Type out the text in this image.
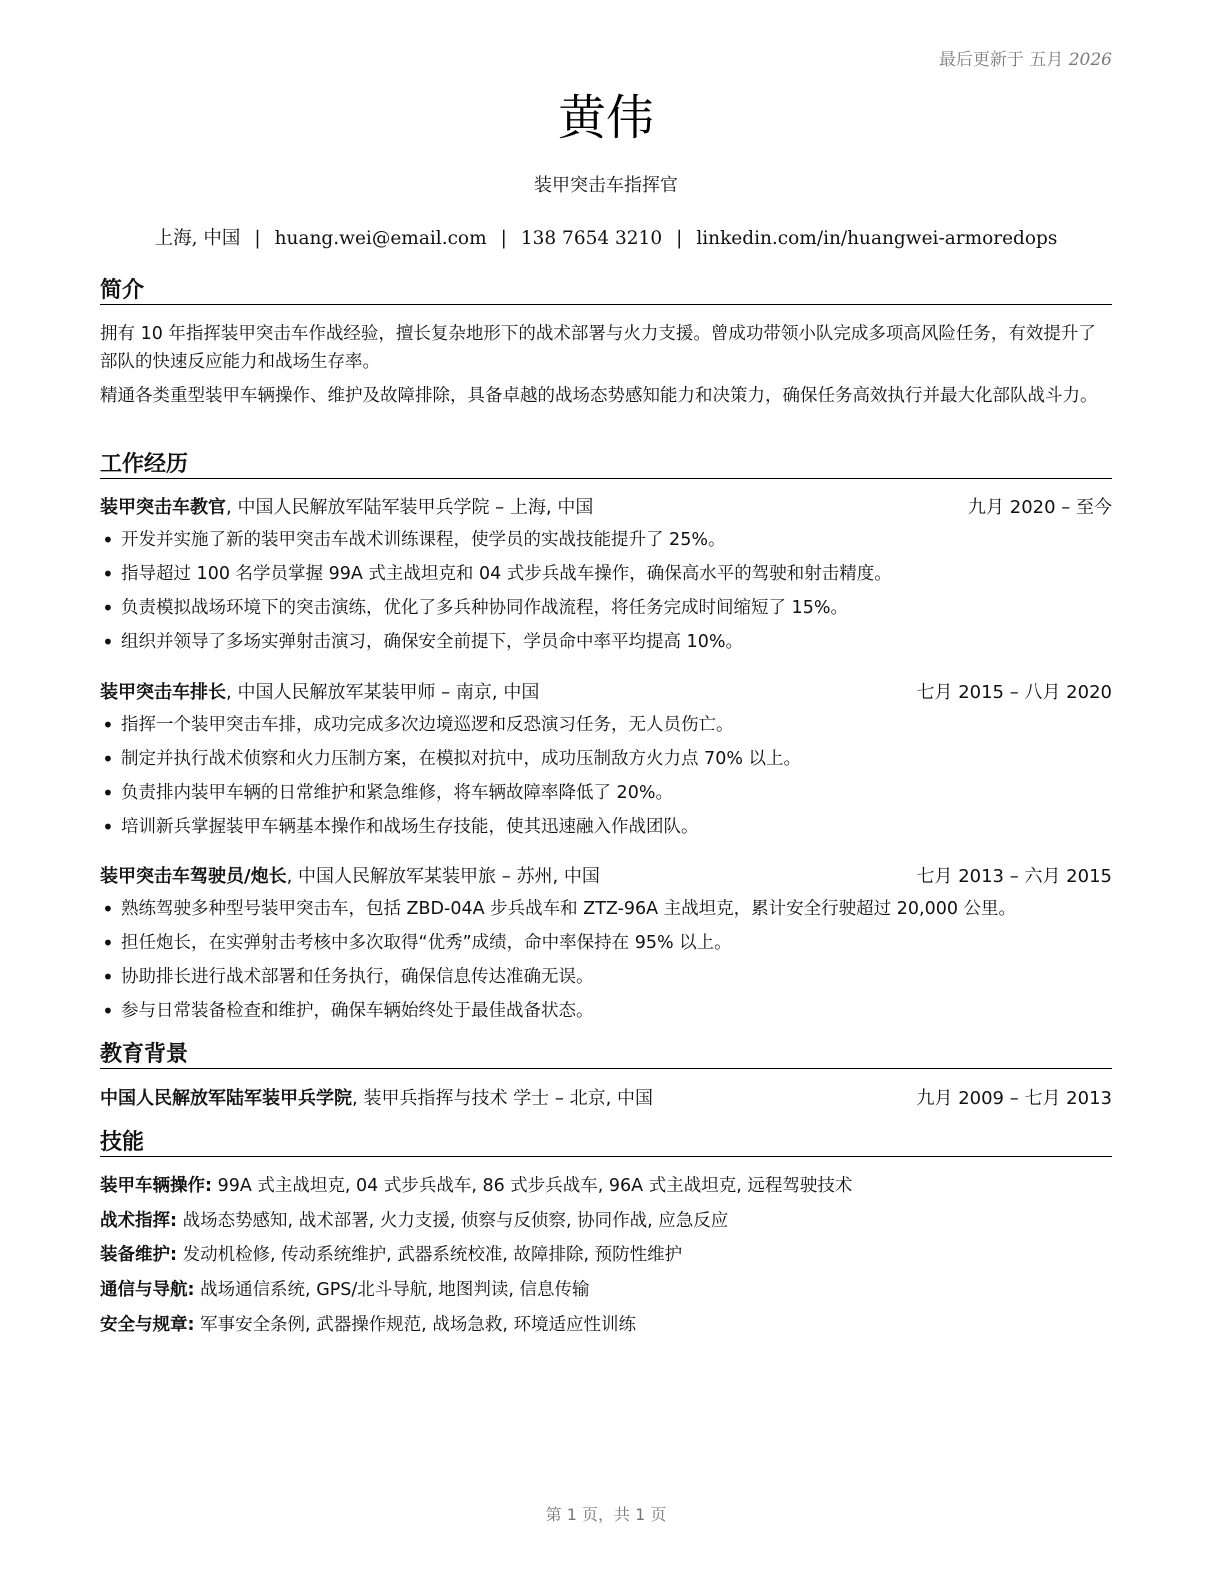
最后更新于 五月 2026
黄伟
装甲突击车指挥官
上海, 中国 | huang.wei@email.com | 138 7654 3210 | linkedin.com/in/huangwei-armoredops
简介
拥有 10 年指挥装甲突击车作战经验，擅长复杂地形下的战术部署与火力支援。曾成功带领小队完成多项高风险任务，有效提升了部队的快速反应能力和战场生存率。
精通各类重型装甲车辆操作、维护及故障排除，具备卓越的战场态势感知能力和决策力，确保任务高效执行并最大化部队战斗力。
工作经历
装甲突击车教官, 中国人民解放军陆军装甲兵学院 – 上海, 中国	九月 2020 – 至今
• 开发并实施了新的装甲突击车战术训练课程，使学员的实战技能提升了 25%。
• 指导超过 100 名学员掌握 99A 式主战坦克和 04 式步兵战车操作，确保高水平的驾驶和射击精度。
• 负责模拟战场环境下的突击演练，优化了多兵种协同作战流程，将任务完成时间缩短了 15%。
• 组织并领导了多场实弹射击演习，确保安全前提下，学员命中率平均提高 10%。
装甲突击车排长, 中国人民解放军某装甲师 – 南京, 中国	七月 2015 – 八月 2020
• 指挥一个装甲突击车排，成功完成多次边境巡逻和反恐演习任务，无人员伤亡。
• 制定并执行战术侦察和火力压制方案，在模拟对抗中，成功压制敌方火力点 70% 以上。
• 负责排内装甲车辆的日常维护和紧急维修，将车辆故障率降低了 20%。
• 培训新兵掌握装甲车辆基本操作和战场生存技能，使其迅速融入作战团队。
装甲突击车驾驶员/炮长, 中国人民解放军某装甲旅 – 苏州, 中国	七月 2013 – 六月 2015
• 熟练驾驶多种型号装甲突击车，包括 ZBD-04A 步兵战车和 ZTZ-96A 主战坦克，累计安全行驶超过 20,000 公里。
• 担任炮长，在实弹射击考核中多次取得“优秀”成绩，命中率保持在 95% 以上。
• 协助排长进行战术部署和任务执行，确保信息传达准确无误。
• 参与日常装备检查和维护，确保车辆始终处于最佳战备状态。
教育背景
中国人民解放军陆军装甲兵学院, 装甲兵指挥与技术 学士 – 北京, 中国	九月 2009 – 七月 2013
技能
装甲车辆操作: 99A 式主战坦克, 04 式步兵战车, 86 式步兵战车, 96A 式主战坦克, 远程驾驶技术
战术指挥: 战场态势感知, 战术部署, 火力支援, 侦察与反侦察, 协同作战, 应急反应
装备维护: 发动机检修, 传动系统维护, 武器系统校准, 故障排除, 预防性维护
通信与导航: 战场通信系统, GPS/北斗导航, 地图判读, 信息传输
安全与规章: 军事安全条例, 武器操作规范, 战场急救, 环境适应性训练
第 1 页，共 1 页
